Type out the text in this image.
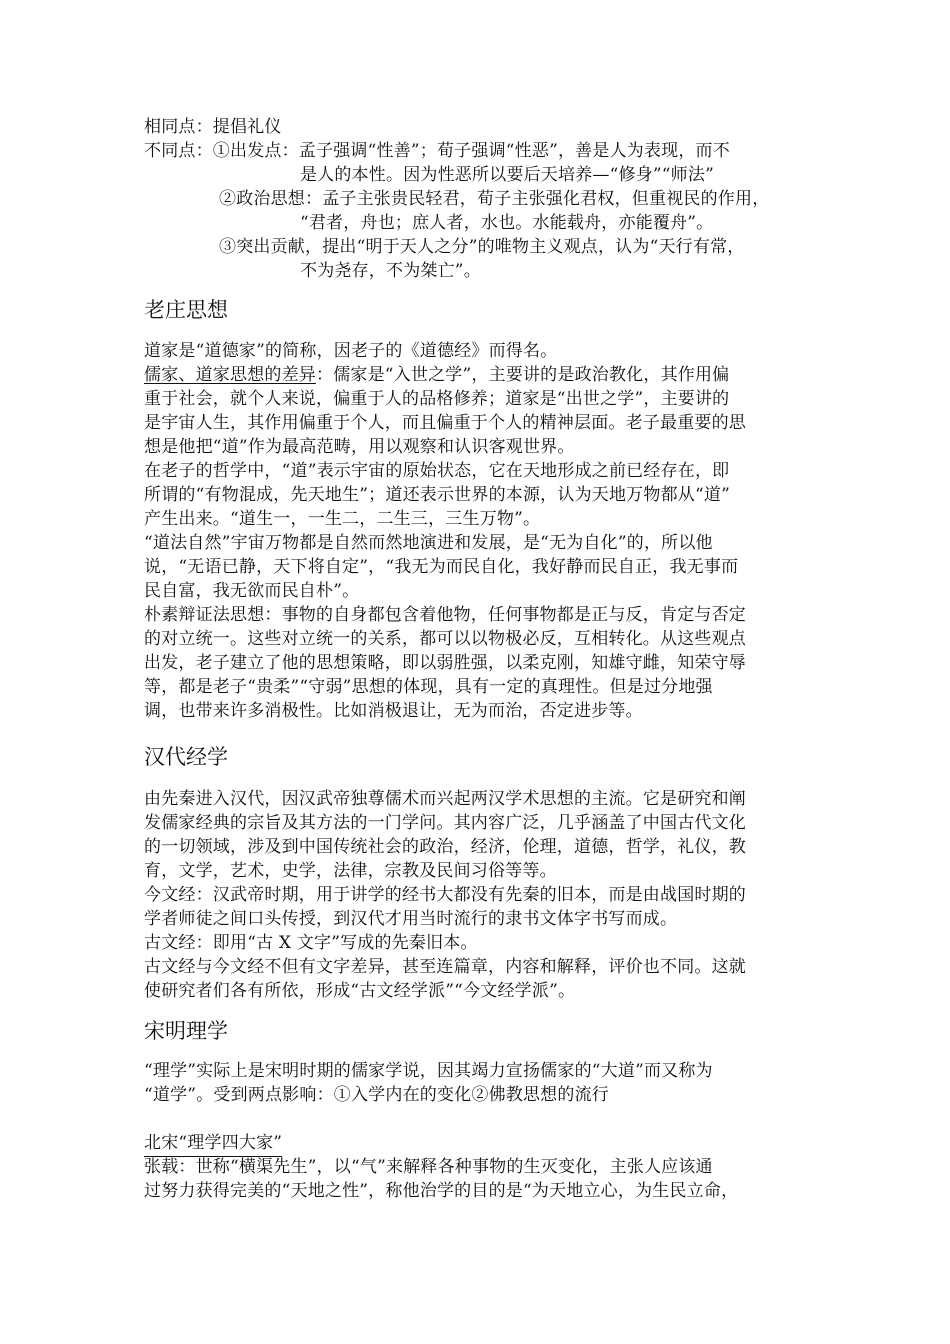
相同点：提倡礼仪
不同点：①出发点：孟子强调“性善”；荀子强调“性恶”，善是人为表现，而不
是人的本性。因为性恶所以要后天培养—“修身”“师法”
②政治思想：孟子主张贵民轻君，荀子主张强化君权，但重视民的作用，
“君者，舟也；庶人者，水也。水能载舟，亦能覆舟”。
③突出贡献，提出“明于天人之分”的唯物主义观点，认为“天行有常，
不为尧存，不为桀亡”。
老庄思想
道家是“道德家”的简称，因老子的《道德经》而得名。
儒家、道家思想的差异：儒家是“入世之学”，主要讲的是政治教化，其作用偏
重于社会，就个人来说，偏重于人的品格修养；道家是“出世之学”，主要讲的
是宇宙人生，其作用偏重于个人，而且偏重于个人的精神层面。老子最重要的思
想是他把“道”作为最高范畴，用以观察和认识客观世界。
在老子的哲学中，“道”表示宇宙的原始状态，它在天地形成之前已经存在，即
所谓的“有物混成，先天地生”；道还表示世界的本源，认为天地万物都从“道”
产生出来。“道生一，一生二，二生三，三生万物”。
“道法自然”宇宙万物都是自然而然地演进和发展，是“无为自化”的，所以他
说，“无语已静，天下将自定”，“我无为而民自化，我好静而民自正，我无事而
民自富，我无欲而民自朴”。
朴素辩证法思想：事物的自身都包含着他物，任何事物都是正与反，肯定与否定
的对立统一。这些对立统一的关系，都可以以物极必反，互相转化。从这些观点
出发，老子建立了他的思想策略，即以弱胜强，以柔克刚，知雄守雌，知荣守辱
等，都是老子“贵柔”“守弱”思想的体现，具有一定的真理性。但是过分地强
调，也带来许多消极性。比如消极退让，无为而治，否定进步等。
汉代经学
由先秦进入汉代，因汉武帝独尊儒术而兴起两汉学术思想的主流。它是研究和阐
发儒家经典的宗旨及其方法的一门学问。其内容广泛，几乎涵盖了中国古代文化
的一切领域，涉及到中国传统社会的政治，经济，伦理，道德，哲学，礼仪，教
育，文学，艺术，史学，法律，宗教及民间习俗等等。
今文经：汉武帝时期，用于讲学的经书大都没有先秦的旧本，而是由战国时期的
学者师徒之间口头传授，到汉代才用当时流行的隶书文体字书写而成。
古文经：即用“古 X 文字”写成的先秦旧本。
古文经与今文经不但有文字差异，甚至连篇章，内容和解释，评价也不同。这就
使研究者们各有所依，形成“古文经学派”“今文经学派”。
宋明理学
“理学”实际上是宋明时期的儒家学说，因其竭力宣扬儒家的“大道”而又称为
“道学”。受到两点影响：①入学内在的变化②佛教思想的流行
北宋“理学四大家”
张载：世称“横渠先生”，以“气”来解释各种事物的生灭变化，主张人应该通
过努力获得完美的“天地之性”，称他治学的目的是“为天地立心，为生民立命，
